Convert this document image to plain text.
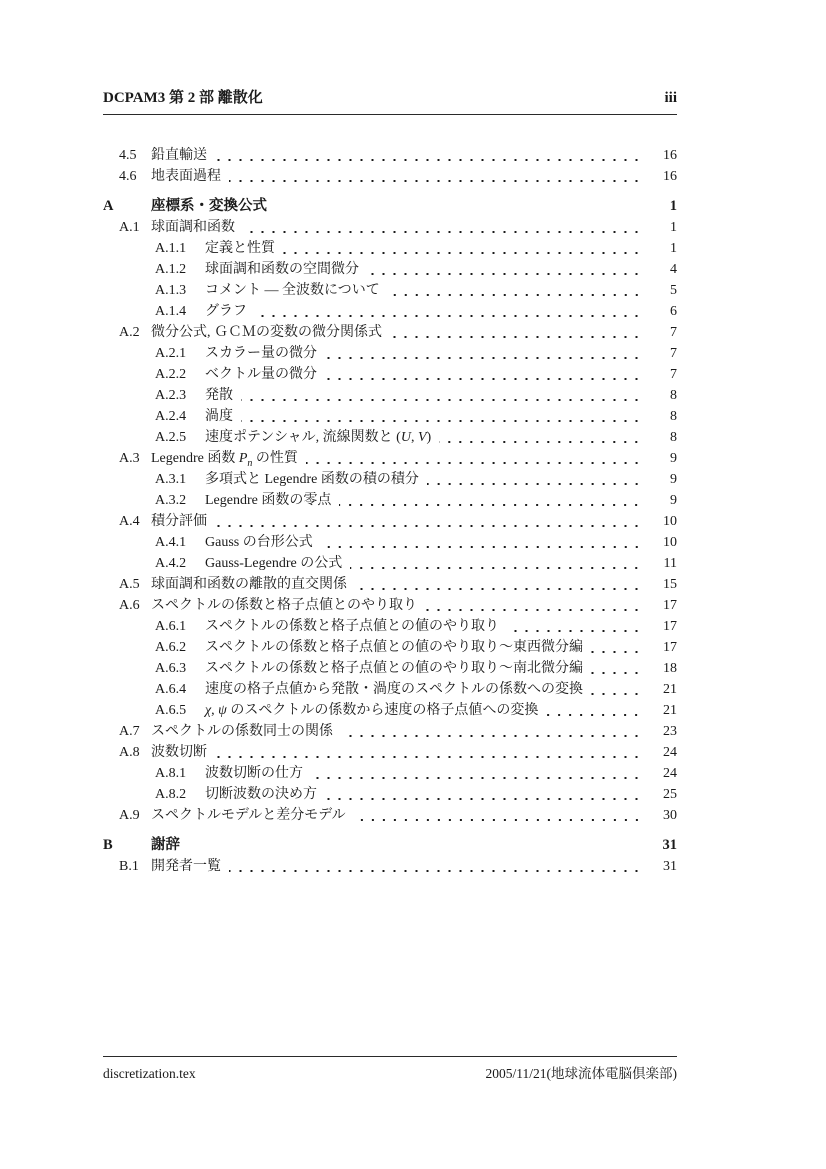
DCPAM3 第 2 部 離散化	iii
4.5	鉛直輸送	16
4.6	地表面過程	16
A	座標系・変換公式	1
A.1 球面調和函数	1
A.1.1	定義と性質	1
A.1.2	球面調和函数の空間微分	4
A.1.3	コメント — 全波数について	5
A.1.4	グラフ	6
A.2 微分公式, ＧＣＭの変数の微分関係式	7
A.2.1	スカラー量の微分	7
A.2.2	ベクトル量の微分	7
A.2.3	発散	8
A.2.4	渦度	8
A.2.5	速度ポテンシャル, 流線関数と (U, V)	8
A.3 Legendre 函数 $P_n$ の性質	9
A.3.1	多項式と Legendre 函数の積の積分	9
A.3.2	Legendre 函数の零点	9
A.4 積分評価	10
A.4.1	Gauss の台形公式	10
A.4.2	Gauss-Legendre の公式	11
A.5 球面調和函数の離散的直交関係	15
A.6 スペクトルの係数と格子点値とのやり取り	17
A.6.1	スペクトルの係数と格子点値との値のやり取り	17
A.6.2	スペクトルの係数と格子点値との値のやり取り〜東西微分編	17
A.6.3	スペクトルの係数と格子点値との値のやり取り〜南北微分編	18
A.6.4	速度の格子点値から発散・渦度のスペクトルの係数への変換	21
A.6.5	χ, ψ のスペクトルの係数から速度の格子点値への変換	21
A.7 スペクトルの係数同士の関係	23
A.8 波数切断	24
A.8.1	波数切断の仕方	24
A.8.2	切断波数の決め方	25
A.9 スペクトルモデルと差分モデル	30
B	謝辞	31
B.1 開発者一覧	31
discretization.tex	2005/11/21(地球流体電脳倶楽部)
